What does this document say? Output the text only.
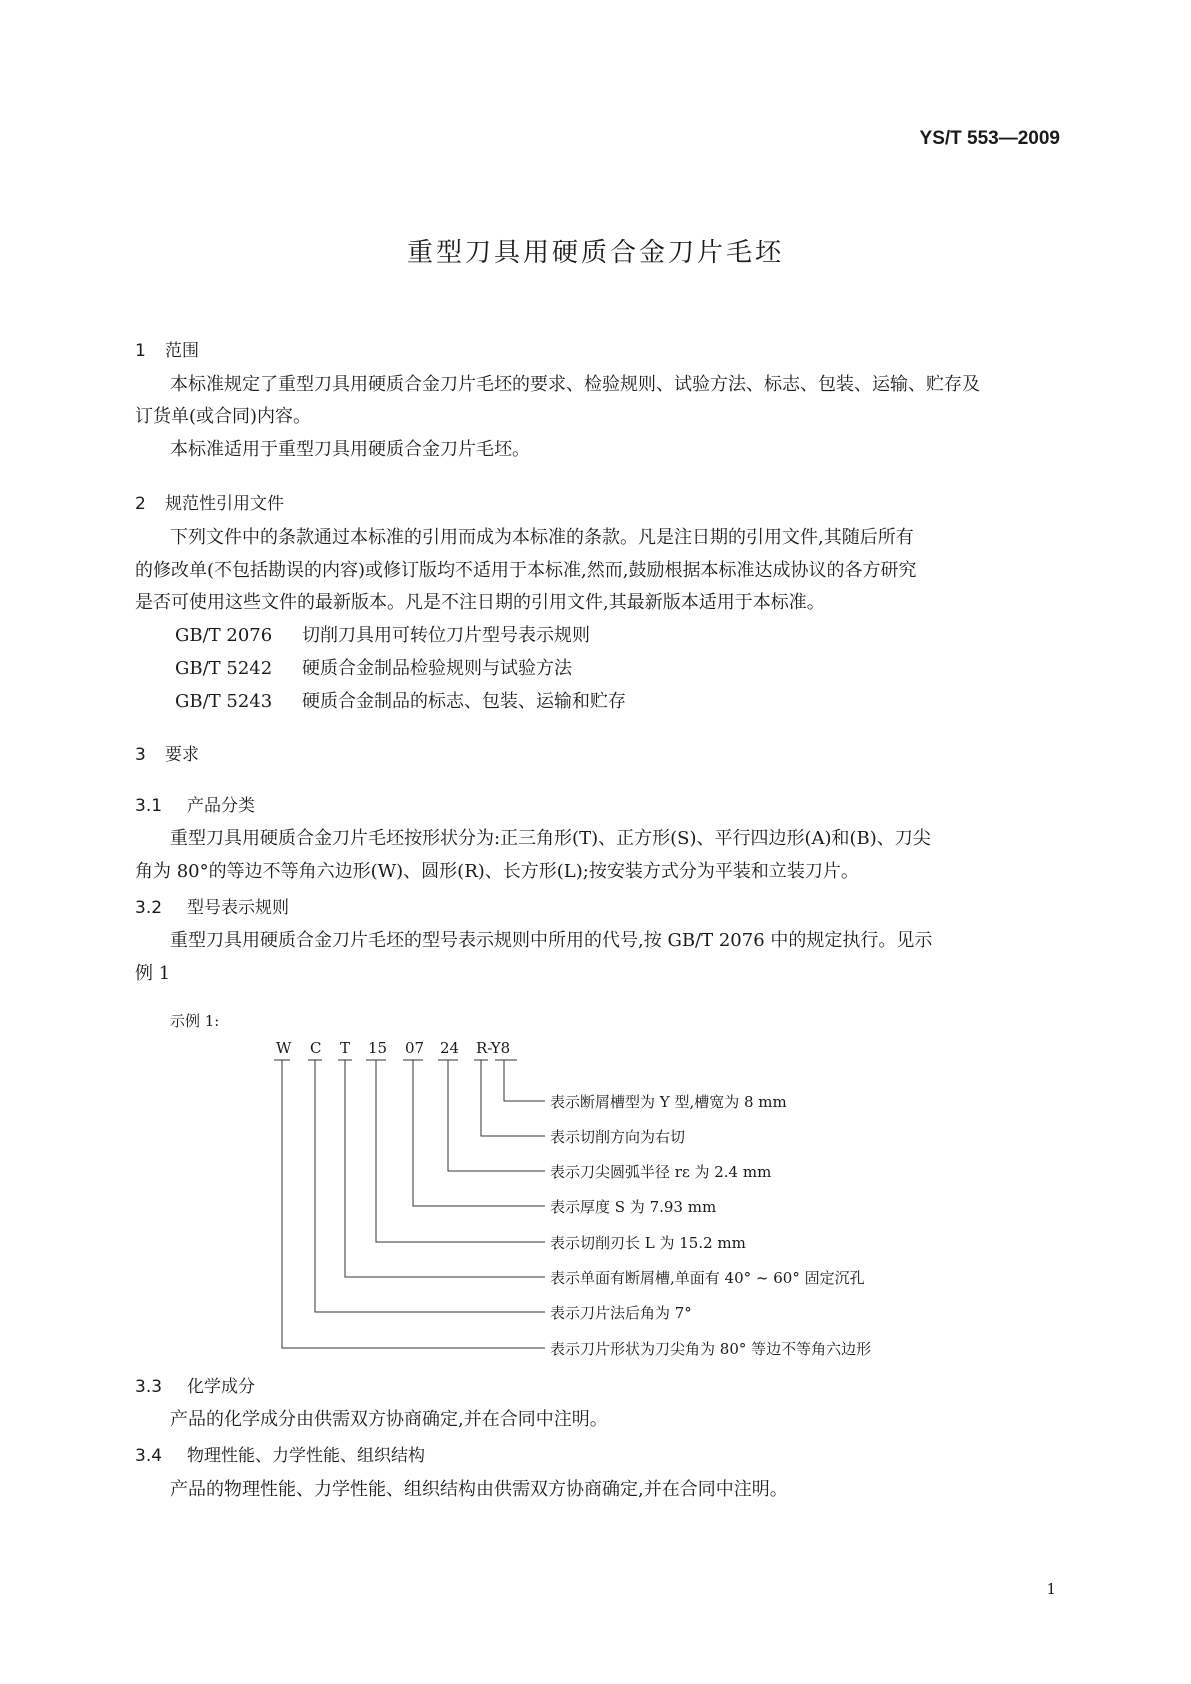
YS/T 553—2009
重型刀具用硬质合金刀片毛坯
1 范围
本标准规定了重型刀具用硬质合金刀片毛坯的要求、检验规则、试验方法、标志、包装、运输、贮存及
订货单(或合同)内容。
本标准适用于重型刀具用硬质合金刀片毛坯。
2 规范性引用文件
下列文件中的条款通过本标准的引用而成为本标准的条款。凡是注日期的引用文件,其随后所有
的修改单(不包括勘误的内容)或修订版均不适用于本标准,然而,鼓励根据本标准达成协议的各方研究
是否可使用这些文件的最新版本。凡是不注日期的引用文件,其最新版本适用于本标准。
GB/T 2076 切削刀具用可转位刀片型号表示规则
GB/T 5242 硬质合金制品检验规则与试验方法
GB/T 5243 硬质合金制品的标志、包装、运输和贮存
3 要求
3.1 产品分类
重型刀具用硬质合金刀片毛坯按形状分为:正三角形(T)、正方形(S)、平行四边形(A)和(B)、刀尖
角为 80°的等边不等角六边形(W)、圆形(R)、长方形(L);按安装方式分为平装和立装刀片。
3.2 型号表示规则
重型刀具用硬质合金刀片毛坯的型号表示规则中所用的代号,按 GB/T 2076 中的规定执行。见示
例 1
示例 1:
W C T 15 07 24 R-Y8
表示断屑槽型为 Y 型,槽宽为 8 mm
表示切削方向为右切
表示刀尖圆弧半径 rε 为 2.4 mm
表示厚度 S 为 7.93 mm
表示切削刃长 L 为 15.2 mm
表示单面有断屑槽,单面有 40° ~ 60° 固定沉孔
表示刀片法后角为 7°
表示刀片形状为刀尖角为 80° 等边不等角六边形
3.3 化学成分
产品的化学成分由供需双方协商确定,并在合同中注明。
3.4 物理性能、力学性能、组织结构
产品的物理性能、力学性能、组织结构由供需双方协商确定,并在合同中注明。
1
